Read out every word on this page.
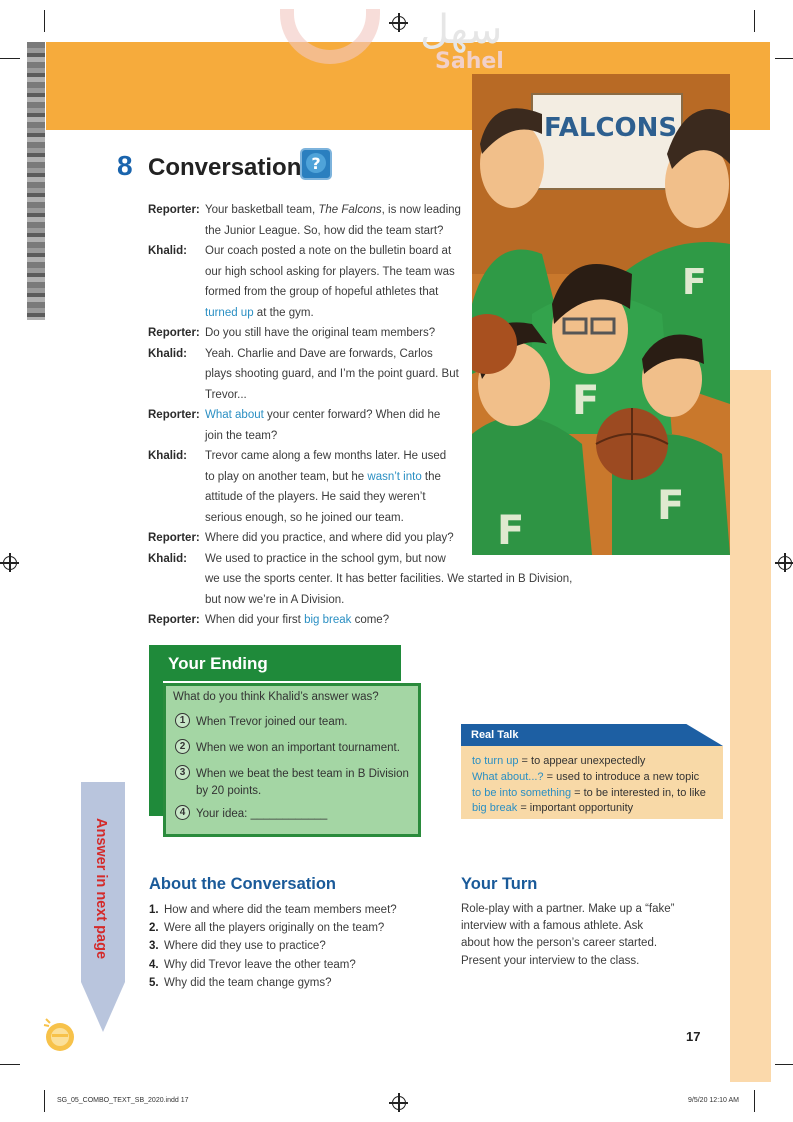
سهل
Sahel
FALCONS
F
F
F
F
8 Conversation ?
Reporter: Your basketball team, The Falcons, is now leading
the Junior League. So, how did the team start?
Khalid: Our coach posted a note on the bulletin board at
our high school asking for players. The team was
formed from the group of hopeful athletes that
turned up at the gym.
Reporter: Do you still have the original team members?
Khalid: Yeah. Charlie and Dave are forwards, Carlos
plays shooting guard, and I’m the point guard. But
Trevor...
Reporter: What about your center forward? When did he
join the team?
Khalid: Trevor came along a few months later. He used
to play on another team, but he wasn’t into the
attitude of the players. He said they weren’t
serious enough, so he joined our team.
Reporter: Where did you practice, and where did you play?
Khalid: We used to practice in the school gym, but now
we use the sports center. It has better facilities. We started in B Division,
but now we’re in A Division.
Reporter: When did your first big break come?
Your Ending
What do you think Khalid’s answer was?
1 When Trevor joined our team.
2 When we won an important tournament.
3 When we beat the best team in B Division by 20 points.
4 Your idea: ____________
Real Talk
to turn up = to appear unexpectedly
What about...? = used to introduce a new topic
to be into something = to be interested in, to like
big break = important opportunity
About the Conversation
1. How and where did the team members meet?
2. Were all the players originally on the team?
3. Where did they use to practice?
4. Why did Trevor leave the other team?
5. Why did the team change gyms?
Your Turn
Role-play with a partner. Make up a “fake”
interview with a famous athlete. Ask
about how the person’s career started.
Present your interview to the class.
Answer in next page
17
SG_05_COMBO_TEXT_SB_2020.indd 17	9/5/20 12:10 AM
